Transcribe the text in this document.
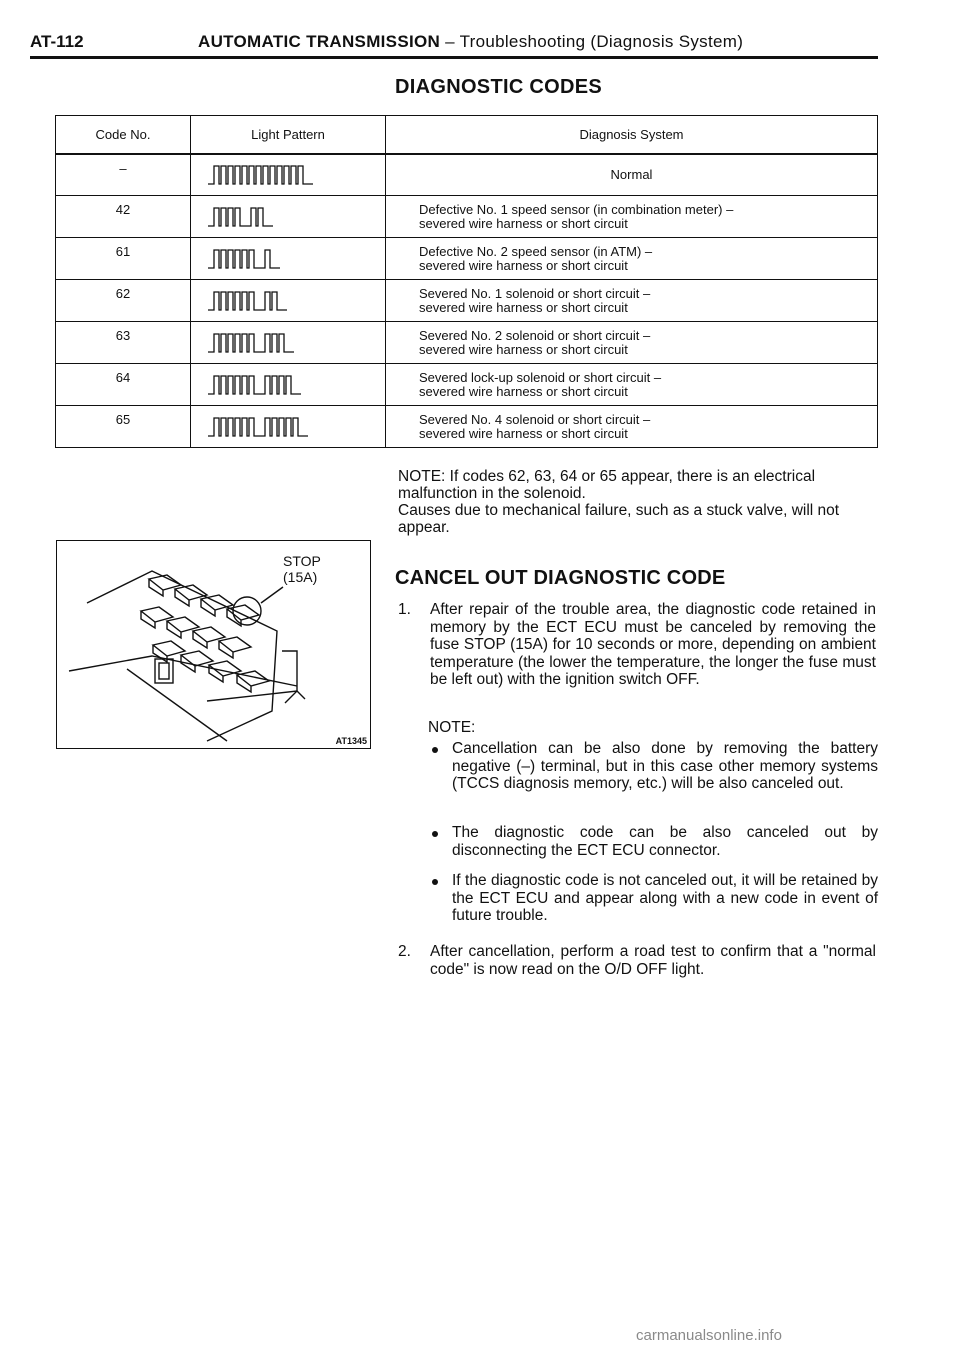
AT-112	AUTOMATIC TRANSMISSION – Troubleshooting (Diagnosis System)
DIAGNOSTIC CODES
Code No.	Light Pattern	Diagnosis System
–		Normal

42		Defective No. 1 speed sensor (in combination meter) –
severed wire harness or short circuit

61		Defective No. 2 speed sensor (in ATM) –
severed wire harness or short circuit

62		Severed No. 1 solenoid or short circuit –
severed wire harness or short circuit

63		Severed No. 2 solenoid or short circuit –
severed wire harness or short circuit

64		Severed lock-up solenoid or short circuit –
severed wire harness or short circuit

65		Severed No. 4 solenoid or short circuit –
severed wire harness or short circuit
NOTE: If codes 62, 63, 64 or 65 appear, there is an electrical malfunction in the solenoid.
Causes due to mechanical failure, such as a stuck valve, will not appear.
STOP
(15A)
AT1345
CANCEL OUT DIAGNOSTIC CODE
1. After repair of the trouble area, the diagnostic code retained in memory by the ECT ECU must be canceled by removing the fuse STOP (15A) for 10 seconds or more, depending on ambient temperature (the lower the temperature, the longer the fuse must be left out) with the ignition switch OFF.
NOTE:
Cancellation can be also done by removing the battery negative (–) terminal, but in this case other memory systems (TCCS diagnosis memory, etc.) will be also canceled out.
The diagnostic code can be also canceled out by disconnecting the ECT ECU connector.
If the diagnostic code is not canceled out, it will be retained by the ECT ECU and appear along with a new code in event of future trouble.
2. After cancellation, perform a road test to confirm that a "normal code" is now read on the O/D OFF light.
carmanualsonline.info
